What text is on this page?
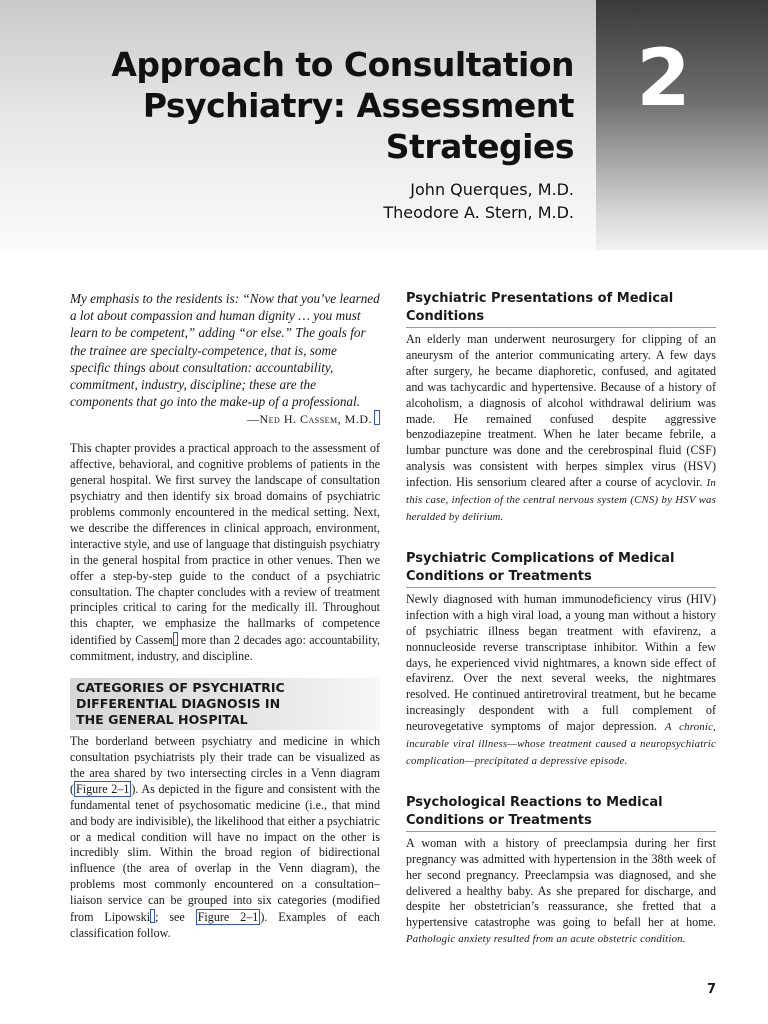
2
Approach to Consultation
Psychiatry: Assessment
Strategies
John Querques, M.D.
Theodore A. Stern, M.D.

My emphasis to the residents is: “Now that you’ve learned a lot about compassion and human dignity … you must learn to be competent,” adding “or else.” The goals for the trainee are specialty-competence, that is, some specific things about consultation: accountability, commitment, industry, discipline; these are the components that go into the make-up of a professional.

—Ned H. Cassem, M.D.

This chapter provides a practical approach to the assessment of affective, behavioral, and cognitive problems of patients in the general hospital. We first survey the landscape of consultation psychiatry and then identify six broad domains of psychiatric problems commonly encountered in the medical setting. Next, we describe the differences in clinical approach, environment, interactive style, and use of language that distinguish psychiatry in the general hospital from practice in other venues. Then we offer a step-by-step guide to the conduct of a psychiatric consultation. The chapter concludes with a review of treatment principles critical to caring for the medically ill. Throughout this chapter, we emphasize the hallmarks of competence identified by Cassem more than 2 decades ago: accountability, commitment, industry, and discipline.

CATEGORIES OF PSYCHIATRIC
DIFFERENTIAL DIAGNOSIS IN
THE GENERAL HOSPITAL

The borderland between psychiatry and medicine in which consultation psychiatrists ply their trade can be visualized as the area shared by two intersecting circles in a Venn diagram ( Figure 2–1 ). As depicted in the figure and consistent with the fundamental tenet of psychosomatic medicine (i.e., that mind and body are indivisible), the likelihood that either a psychiatric or a medical condition will have no impact on the other is incredibly slim. Within the broad region of bidirectional influence (the area of overlap in the Venn diagram), the problems most commonly encountered on a consultation–liaison service can be grouped into six categories (modified from Lipowski ; see Figure 2–1 ). Examples of each classification follow.

Psychiatric Presentations of Medical
Conditions

An elderly man underwent neurosurgery for clipping of an aneurysm of the anterior communicating artery. A few days after surgery, he became diaphoretic, confused, and agitated and was tachycardic and hypertensive. Because of a history of alcoholism, a diagnosis of alcohol withdrawal delirium was made. He remained confused despite aggressive benzodiazepine treatment. When he later became febrile, a lumbar puncture was done and the cerebrospinal fluid (CSF) analysis was consistent with herpes simplex virus (HSV) infection. His sensorium cleared after a course of acyclovir. In this case, infection of the central nervous system (CNS) by HSV was heralded by delirium.

Psychiatric Complications of Medical
Conditions or Treatments

Newly diagnosed with human immunodeficiency virus (HIV) infection with a high viral load, a young man without a history of psychiatric illness began treatment with efavirenz, a nonnucleoside reverse transcriptase inhibitor. Within a few days, he experienced vivid nightmares, a known side effect of efavirenz. Over the next several weeks, the nightmares resolved. He continued antiretroviral treatment, but he became increasingly despondent with a full complement of neurovegetative symptoms of major depression. A chronic, incurable viral illness—whose treatment caused a neuropsychiatric complication—precipitated a depressive episode.

Psychological Reactions to Medical
Conditions or Treatments

A woman with a history of preeclampsia during her first pregnancy was admitted with hypertension in the 38th week of her second pregnancy. Preeclampsia was diagnosed, and she delivered a healthy baby. As she prepared for discharge, and despite her obstetrician’s reassurance, she fretted that a hypertensive catastrophe was going to befall her at home. Pathologic anxiety resulted from an acute obstetric condition.

7
